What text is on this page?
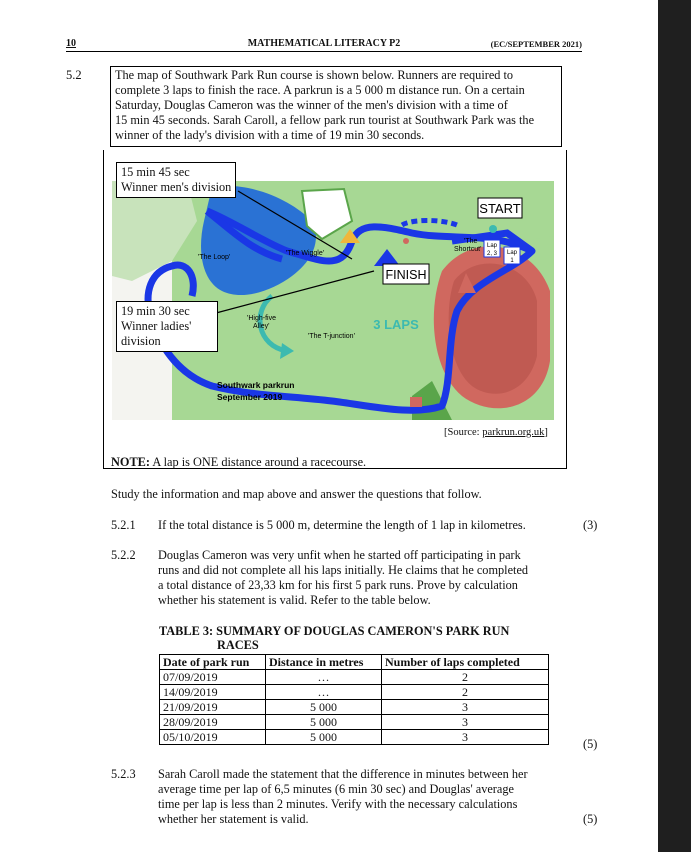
10	MATHEMATICAL LITERACY P2	(EC/SEPTEMBER 2021)
5.2	The map of Southwark Park Run course is shown below. Runners are required to
complete 3 laps to finish the race. A parkrun is a 5 000 m distance run. On a certain
Saturday, Douglas Cameron was the winner of the men's division with a time of
15 min 45 seconds. Sarah Caroll, a fellow park run tourist at Southwark Park was the
winner of the lady's division with a time of 19 min 30 seconds.
START
FINISH
3 LAPS
'The Loop'
'The Wiggle'
'High-five
Alley'
'The T-junction'
'The
Shortcut' Lap
2, 3 Lap
1
Southwark parkrun
September 2019
15 min 45 sec
Winner men's division
19 min 30 sec
Winner ladies'
division
[Source: parkrun.org.uk]
NOTE: A lap is ONE distance around a racecourse.
Study the information and map above and answer the questions that follow.
5.2.1 If the total distance is 5 000 m, determine the length of 1 lap in kilometres.	(3)
5.2.2 Douglas Cameron was very unfit when he started off participating in park
runs and did not complete all his laps initially. He claims that he completed
a total distance of 23,33 km for his first 5 park runs. Prove by calculation
whether his statement is valid. Refer to the table below.
TABLE 3: SUMMARY OF DOUGLAS CAMERON'S PARK RUN
RACES
Date of park run	Distance in metres	Number of laps completed
07/09/2019	…	2
14/09/2019	…	2
21/09/2019	5 000	3
28/09/2019	5 000	3
05/10/2019	5 000	3	(5)
5.2.3 Sarah Caroll made the statement that the difference in minutes between her
average time per lap of 6,5 minutes (6 min 30 sec) and Douglas' average
time per lap is less than 2 minutes. Verify with the necessary calculations
whether her statement is valid.	(5)
